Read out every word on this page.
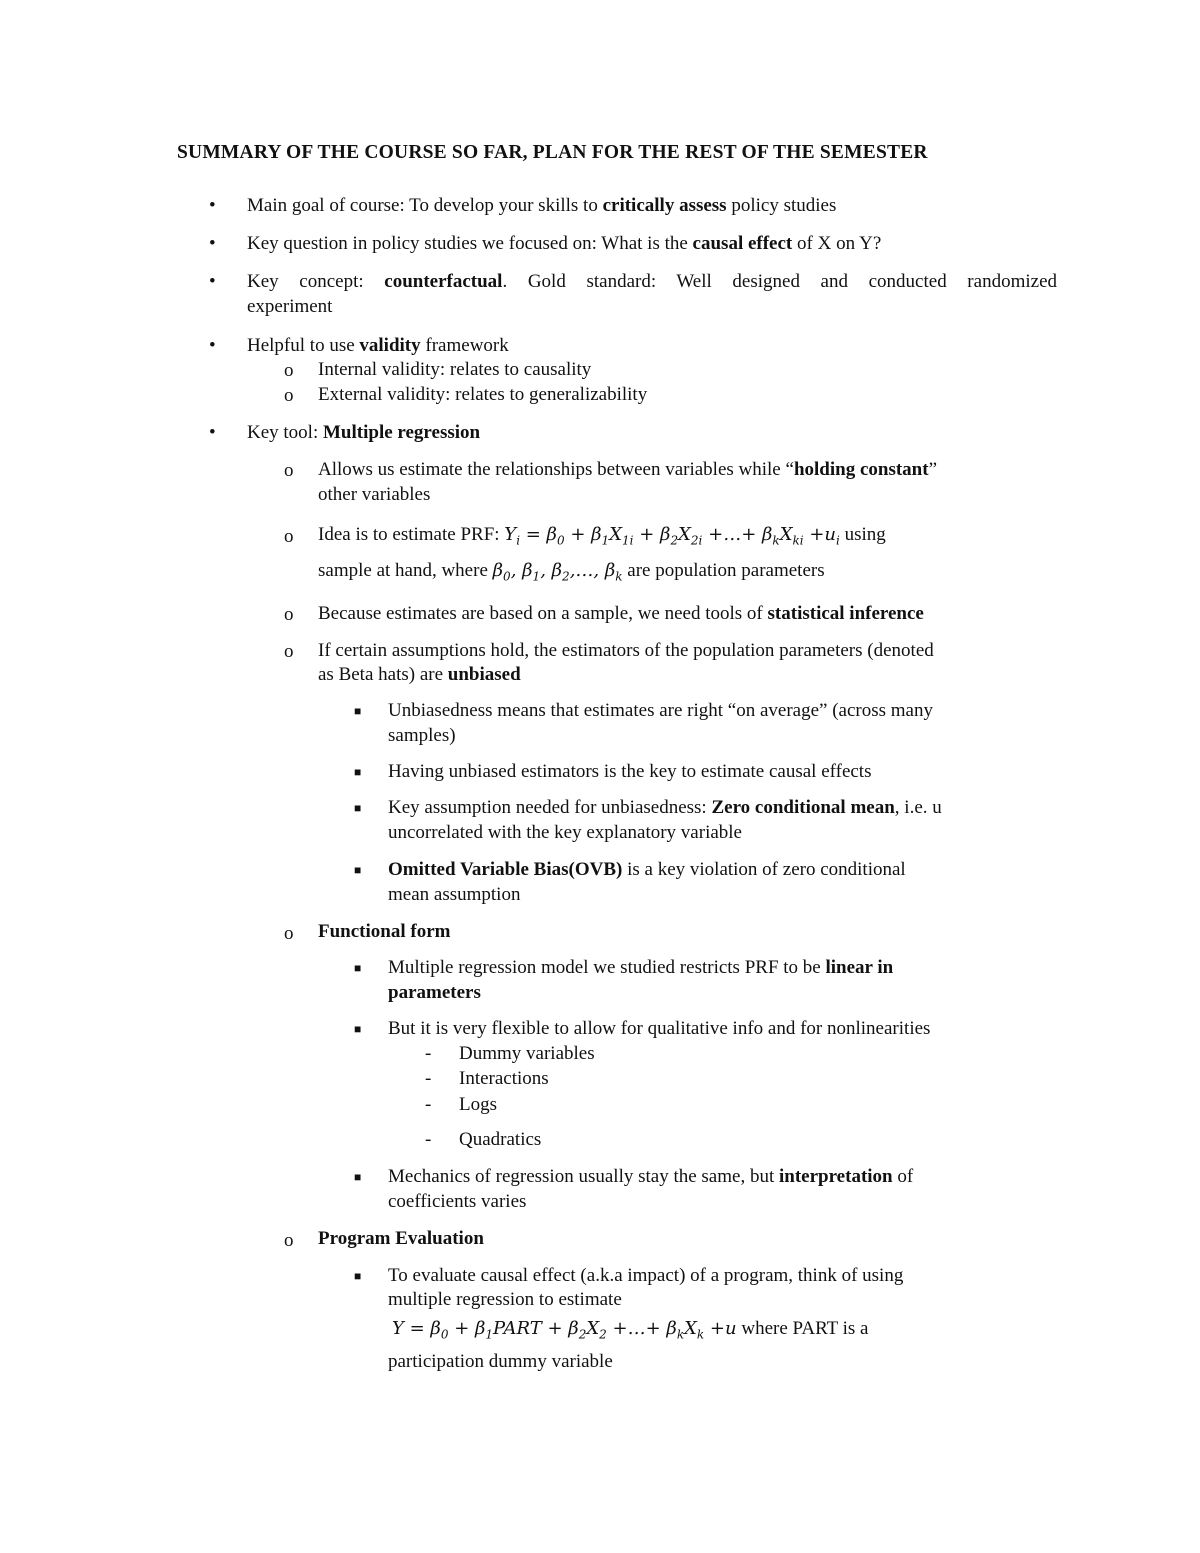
SUMMARY OF THE COURSE SO FAR, PLAN FOR THE REST OF THE SEMESTER
• Main goal of course: To develop your skills to critically assess policy studies
• Key question in policy studies we focused on: What is the causal effect of X on Y?
• Key concept: counterfactual. Gold standard: Well designed and conducted randomized
experiment
• Helpful to use validity framework
o Internal validity: relates to causality
o External validity: relates to generalizability
• Key tool: Multiple regression
o Allows us estimate the relationships between variables while “holding constant”
other variables
o Idea is to estimate PRF: $Y_i = \beta_0 + \beta_1X_{1i} + \beta_2X_{2i}$ +…+ $\beta_kX_{ki} +u_i$ using
sample at hand, where $\beta_0$, $\beta_1$, $\beta_2,\dots$, $\beta_k$ are population parameters
o Because estimates are based on a sample, we need tools of statistical inference
o If certain assumptions hold, the estimators of the population parameters (denoted
as Beta hats) are unbiased
■ Unbiasedness means that estimates are right “on average” (across many
samples)
■ Having unbiased estimators is the key to estimate causal effects
■ Key assumption needed for unbiasedness: Zero conditional mean, i.e. u
uncorrelated with the key explanatory variable
■ Omitted Variable Bias(OVB) is a key violation of zero conditional
mean assumption
o Functional form
■ Multiple regression model we studied restricts PRF to be linear in
parameters
■ But it is very flexible to allow for qualitative info and for nonlinearities
- Dummy variables
- Interactions
- Logs
- Quadratics
■ Mechanics of regression usually stay the same, but interpretation of
coefficients varies
o Program Evaluation
■ To evaluate causal effect (a.k.a impact) of a program, think of using
multiple regression to estimate
$Y = \beta_0$ + $\beta_1PART + \beta_2X_2$ +…+ $\beta_kX_k +u$ where PART is a
participation dummy variable
